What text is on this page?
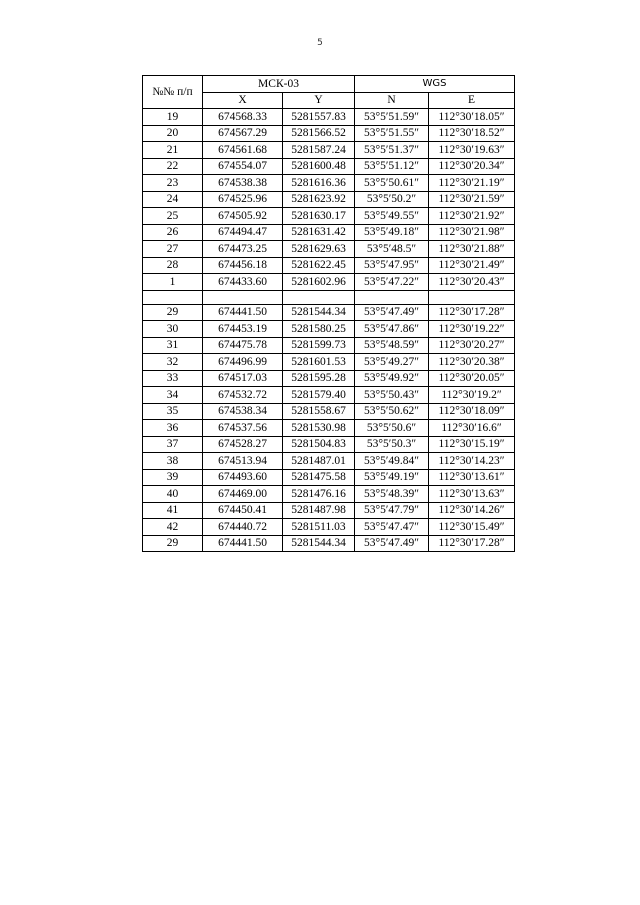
5
№№ п/п	МСК-03		WGS	
	X	Y	N	E
19	674568.33	5281557.83	53°5′51.59″	112°30′18.05″
20	674567.29	5281566.52	53°5′51.55″	112°30′18.52″
21	674561.68	5281587.24	53°5′51.37″	112°30′19.63″
22	674554.07	5281600.48	53°5′51.12″	112°30′20.34″
23	674538.38	5281616.36	53°5′50.61″	112°30′21.19″
24	674525.96	5281623.92	53°5′50.2″	112°30′21.59″
25	674505.92	5281630.17	53°5′49.55″	112°30′21.92″
26	674494.47	5281631.42	53°5′49.18″	112°30′21.98″
27	674473.25	5281629.63	53°5′48.5″	112°30′21.88″
28	674456.18	5281622.45	53°5′47.95″	112°30′21.49″
1	674433.60	5281602.96	53°5′47.22″	112°30′20.43″

29	674441.50	5281544.34	53°5′47.49″	112°30′17.28″
30	674453.19	5281580.25	53°5′47.86″	112°30′19.22″
31	674475.78	5281599.73	53°5′48.59″	112°30′20.27″
32	674496.99	5281601.53	53°5′49.27″	112°30′20.38″
33	674517.03	5281595.28	53°5′49.92″	112°30′20.05″
34	674532.72	5281579.40	53°5′50.43″	112°30′19.2″
35	674538.34	5281558.67	53°5′50.62″	112°30′18.09″
36	674537.56	5281530.98	53°5′50.6″	112°30′16.6″
37	674528.27	5281504.83	53°5′50.3″	112°30′15.19″
38	674513.94	5281487.01	53°5′49.84″	112°30′14.23″
39	674493.60	5281475.58	53°5′49.19″	112°30′13.61″
40	674469.00	5281476.16	53°5′48.39″	112°30′13.63″
41	674450.41	5281487.98	53°5′47.79″	112°30′14.26″
42	674440.72	5281511.03	53°5′47.47″	112°30′15.49″
29	674441.50	5281544.34	53°5′47.49″	112°30′17.28″
